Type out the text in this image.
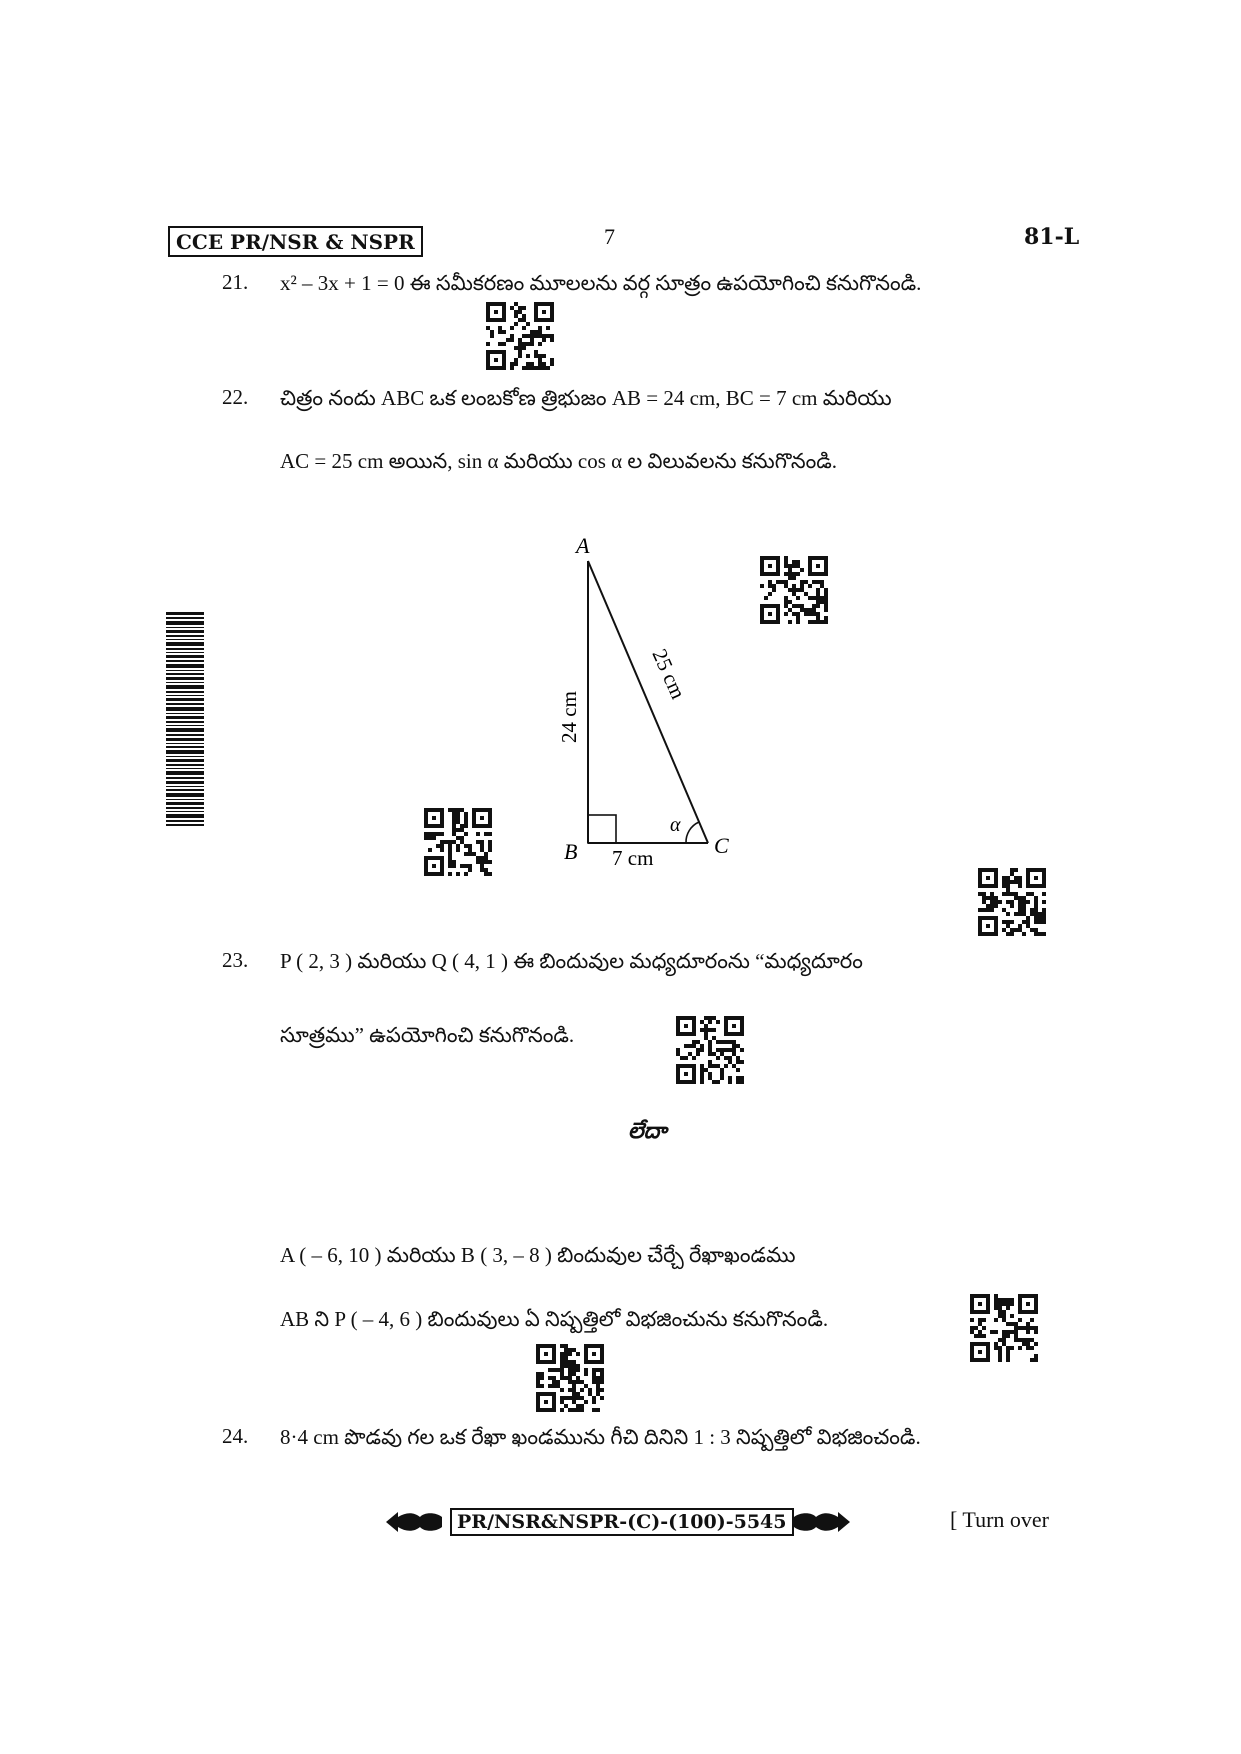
CCE PR/NSR & NSPR	7	81-L
21. x² – 3x + 1 = 0 ఈ సమీకరణం మూలలను వర్గ సూత్రం ఉపయోగించి కనుగొనండి.
22. చిత్రం నందు ABC ఒక లంబకోణ త్రిభుజం AB = 24 cm, BC = 7 cm మరియు
AC = 25 cm అయిన, sin α మరియు cos α ల విలువలను కనుగొనండి.
A
B	C
7 cm
α
24 cm
25 cm
23. P ( 2, 3 ) మరియు Q ( 4, 1 ) ఈ బిందువుల మధ్యదూరంను “మధ్యదూరం
సూత్రము” ఉపయోగించి కనుగొనండి.
లేదా
A ( – 6, 10 ) మరియు B ( 3, – 8 ) బిందువుల చేర్చే రేఖాఖండము
AB ని P ( – 4, 6 ) బిందువులు ఏ నిష్పత్తిలో విభజించును కనుగొనండి.
24. 8·4 cm పొడవు గల ఒక రేఖా ఖండమును గీచి దినిని 1 : 3 నిష్పత్తిలో విభజించండి.
PR/NSR&NSPR-(C)-(100)-5545	[ Turn over
